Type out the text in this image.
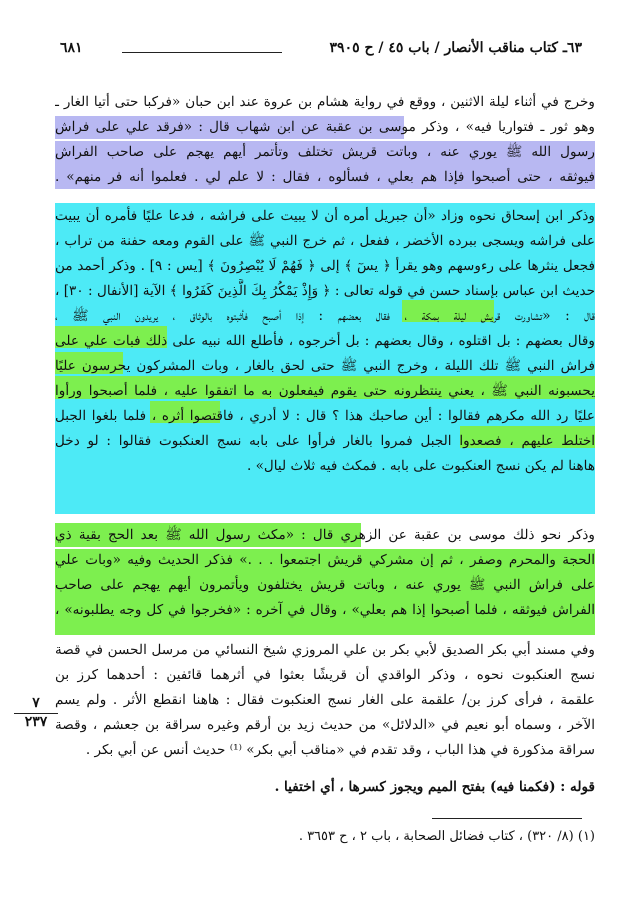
٦٣ـ كتاب مناقب الأنصار / باب ٤٥ / ح ٣٩٠٥
٦٨١
وخرج في أثناء ليلة الاثنين ، ووقع في رواية هشام بن عروة عند ابن حبان «فركبا حتى أتيا الغار ـ
وهو ثور ـ فتواريا فيه» ، وذكر موسى بن عقبة عن ابن شهاب قال : «فرقد علي على فراش
رسول الله ﷺ يوري عنه ، وباتت قريش تختلف وتأتمر أيهم يهجم على صاحب الفراش
فيوثقه ، حتى أصبحوا فإذا هم بعلي ، فسألوه ، فقال : لا علم لي . فعلموا أنه فر منهم» .
وذكر ابن إسحاق نحوه وزاد «أن جبريل أمره أن لا يبيت على فراشه ، فدعا عليًا فأمره أن يبيت
على فراشه ويسجى ببرده الأخضر ، ففعل ، ثم خرج النبي ﷺ على القوم ومعه حفنة من تراب ،
فجعل ينثرها على رءوسهم وهو يقرأ ﴿ يسٓ ﴾ إلى ﴿ فَهُمْ لَا يُبْصِرُونَ ﴾ [يس : ٩] . وذكر أحمد من
حديث ابن عباس بإسناد حسن في قوله تعالى : ﴿ وَإِذْ يَمْكُرُ بِكَ الَّذِينَ كَفَرُوا ﴾ الآية [الأنفال : ٣٠] ،
قال : «تشاورت قريش ليلة بمكة ، فقال بعضهم : إذا أصبح فأثبتوه بالوثاق ، يريدون النبي ﷺ ،
وقال بعضهم : بل اقتلوه ، وقال بعضهم : بل أخرجوه ، فأطلع الله نبيه على ذلك فبات علي على
فراش النبي ﷺ تلك الليلة ، وخرج النبي ﷺ حتى لحق بالغار ، وبات المشركون يحرسون عليًا
يحسبونه النبي ﷺ ، يعني ينتظرونه حتى يقوم فيفعلون به ما اتفقوا عليه ، فلما أصبحوا ورأوا
عليًا رد الله مكرهم فقالوا : أين صاحبك هذا ؟ قال : لا أدري ، فاقتصوا أثره ، فلما بلغوا الجبل
اختلط عليهم ، فصعدوا الجبل فمروا بالغار فرأوا على بابه نسج العنكبوت فقالوا : لو دخل
هاهنا لم يكن نسج العنكبوت على بابه . فمكث فيه ثلاث ليال» .
وذكر نحو ذلك موسى بن عقبة عن الزهري قال : «مكث رسول الله ﷺ بعد الحج بقية ذي
الحجة والمحرم وصفر ، ثم إن مشركي قريش اجتمعوا . . .» فذكر الحديث وفيه «وبات علي
على فراش النبي ﷺ يوري عنه ، وباتت قريش يختلفون ويأتمرون أيهم يهجم على صاحب
الفراش فيوثقه ، فلما أصبحوا إذا هم بعلي» ، وقال في آخره : «فخرجوا في كل وجه يطلبونه» ،
وفي مسند أبي بكر الصديق لأبي بكر بن علي المروزي شيخ النسائي من مرسل الحسن في قصة
نسج العنكبوت نحوه ، وذكر الواقدي أن قريشًا بعثوا في أثرهما قائفين : أحدهما كرز بن
علقمة ، فرأى كرز بن/ علقمة على الغار نسج العنكبوت فقال : هاهنا انقطع الأثر . ولم يسم
الآخر ، وسماه أبو نعيم في «الدلائل» من حديث زيد بن أرقم وغيره سراقة بن جعشم ، وقصة
سراقة مذكورة في هذا الباب ، وقد تقدم في «مناقب أبي بكر» ⁽¹⁾ حديث أنس عن أبي بكر .
قوله : (فكمنا فيه) بفتح الميم ويجوز كسرها ، أي اختفيا .
٧
٢٣٧
(١) (٨/ ٣٢٠) ، كتاب فضائل الصحابة ، باب ٢ ، ح ٣٦٥٣ .
